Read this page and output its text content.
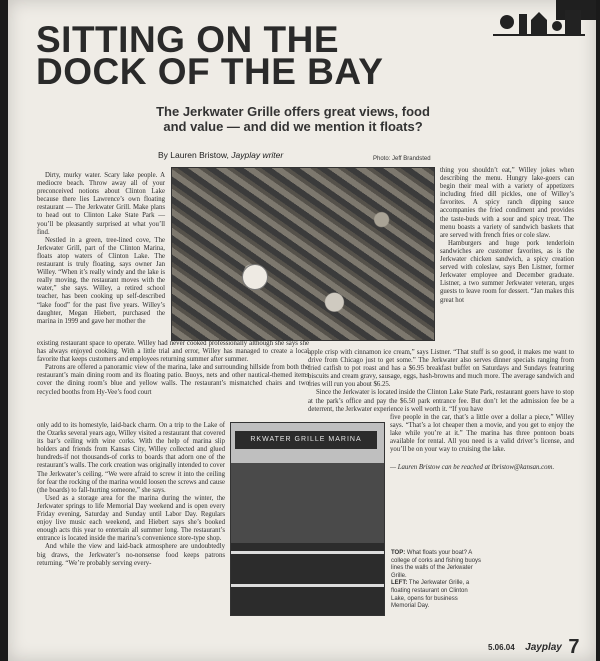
SITTING ON THE
DOCK OF THE BAY
The Jerkwater Grille offers great views, food and value — and did we mention it floats?
By Lauren Bristow, Jayplay writer	Photo: Jeff Brandsted

Dirty, murky water. Scary lake people. A mediocre beach. Throw away all of your preconceived notions about Clinton Lake because there lies Lawrence’s own floating restaurant — The Jerkwater Grill. Make plans to head out to Clinton Lake State Park — you’ll be pleasantly surprised at what you’ll find.

Nestled in a green, tree-lined cove, The Jerkwater Grill, part of the Clinton Marina, floats atop waters of Clinton Lake. The restaurant is truly floating, says owner Jan Willey. “When it’s really windy and the lake is really moving, the restaurant moves with the water,” she says. Willey, a retired school teacher, has been cooking up self-described “lake food” for the past five years. Willey’s daughter, Megan Hiebert, purchased the marina in 1999 and gave her mother the

thing you shouldn’t eat,” Willey jokes when describing the menu. Hungry lake-goers can begin their meal with a variety of appetizers including fried dill pickles, one of Willey’s favorites. A spicy ranch dipping sauce accompanies the fried condiment and provides the taste-buds with a sour and spicy treat. The menu boasts a variety of sandwich baskets that are served with french fries or cole slaw.

Hamburgers and huge pork tenderloin sandwiches are customer favorites, as is the Jerkwater chicken sandwich, a spicy creation served with coleslaw, says Ben Listner, former Jerkwater employee and December graduate. Listner, a two summer Jerkwater veteran, urges guests to leave room for dessert. “Jan makes this great hot

existing restaurant space to operate. Willey had never cooked professionally although she says she has always enjoyed cooking. With a little trial and error, Willey has managed to create a local favorite that keeps customers and employees returning summer after summer.

Patrons are offered a panoramic view of the marina, lake and surrounding hillside from both the restaurant’s main dining room and its floating patio. Buoys, nets and other nautical-themed items cover the dining room’s blue and yellow walls. The restaurant’s mismatched chairs and two recycled booths from Hy-Vee’s food court

apple crisp with cinnamon ice cream,” says Listner. “That stuff is so good, it makes me want to drive from Chicago just to get some.” The Jerkwater also serves dinner specials ranging from fried catfish to pot roast and has a $6.95 breakfast buffet on Saturdays and Sundays featuring biscuits and cream gravy, sausage, eggs, hash-browns and much more. The average sandwich and fries will run you about $6.25.

Since the Jerkwater is located inside the Clinton Lake State Park, restaurant goers have to stop at the park’s office and pay the $6.50 park entrance fee. But don’t let the admission fee be a deterrent, the Jerkwater experience is well worth it. “If you have

RKWATER GRILLE MARINA

only add to its homestyle, laid-back charm. On a trip to the Lake of the Ozarks several years ago, Willey visited a restaurant that covered its bar’s ceiling with wine corks. With the help of marina slip holders and friends from Kansas City, Willey collected and glued hundreds-if not thousands-of corks to boards that adorn one of the restaurant’s walls. The cork creation was originally intended to cover The Jerkwater’s ceiling. “We were afraid to screw it into the ceiling for fear the rocking of the marina would loosen the screws and cause (the boards) to fall-hurting someone,” she says.

Used as a storage area for the marina during the winter, the Jerkwater springs to life Memorial Day weekend and is open every Friday evening, Saturday and Sunday until Labor Day. Regulars enjoy live music each weekend, and Hiebert says she’s booked enough acts this year to entertain all summer long. The restaurant’s entrance is located inside the marina’s convenience store-type shop.

And while the view and laid-back atmosphere are undoubtedly big draws, the Jerkwater’s no-nonsense food keeps patrons returning. “We’re probably serving every-

five people in the car, that’s a little over a dollar a piece,” Willey says. “That’s a lot cheaper then a movie, and you get to enjoy the lake while you’re at it.” The marina has three pontoon boats available for rental. All you need is a valid driver’s license, and you’ll be on your way to cruising the lake.

— Lauren Bristow can be reached at lbristow@kansan.com.
TOP: What floats your boat? A college of corks and fishing buoys lines the walls of the Jerkwater Grille.
LEFT: The Jerkwater Grille, a floating restaurant on Clinton Lake, opens for business Memorial Day.
5.06.04 Jayplay 7
